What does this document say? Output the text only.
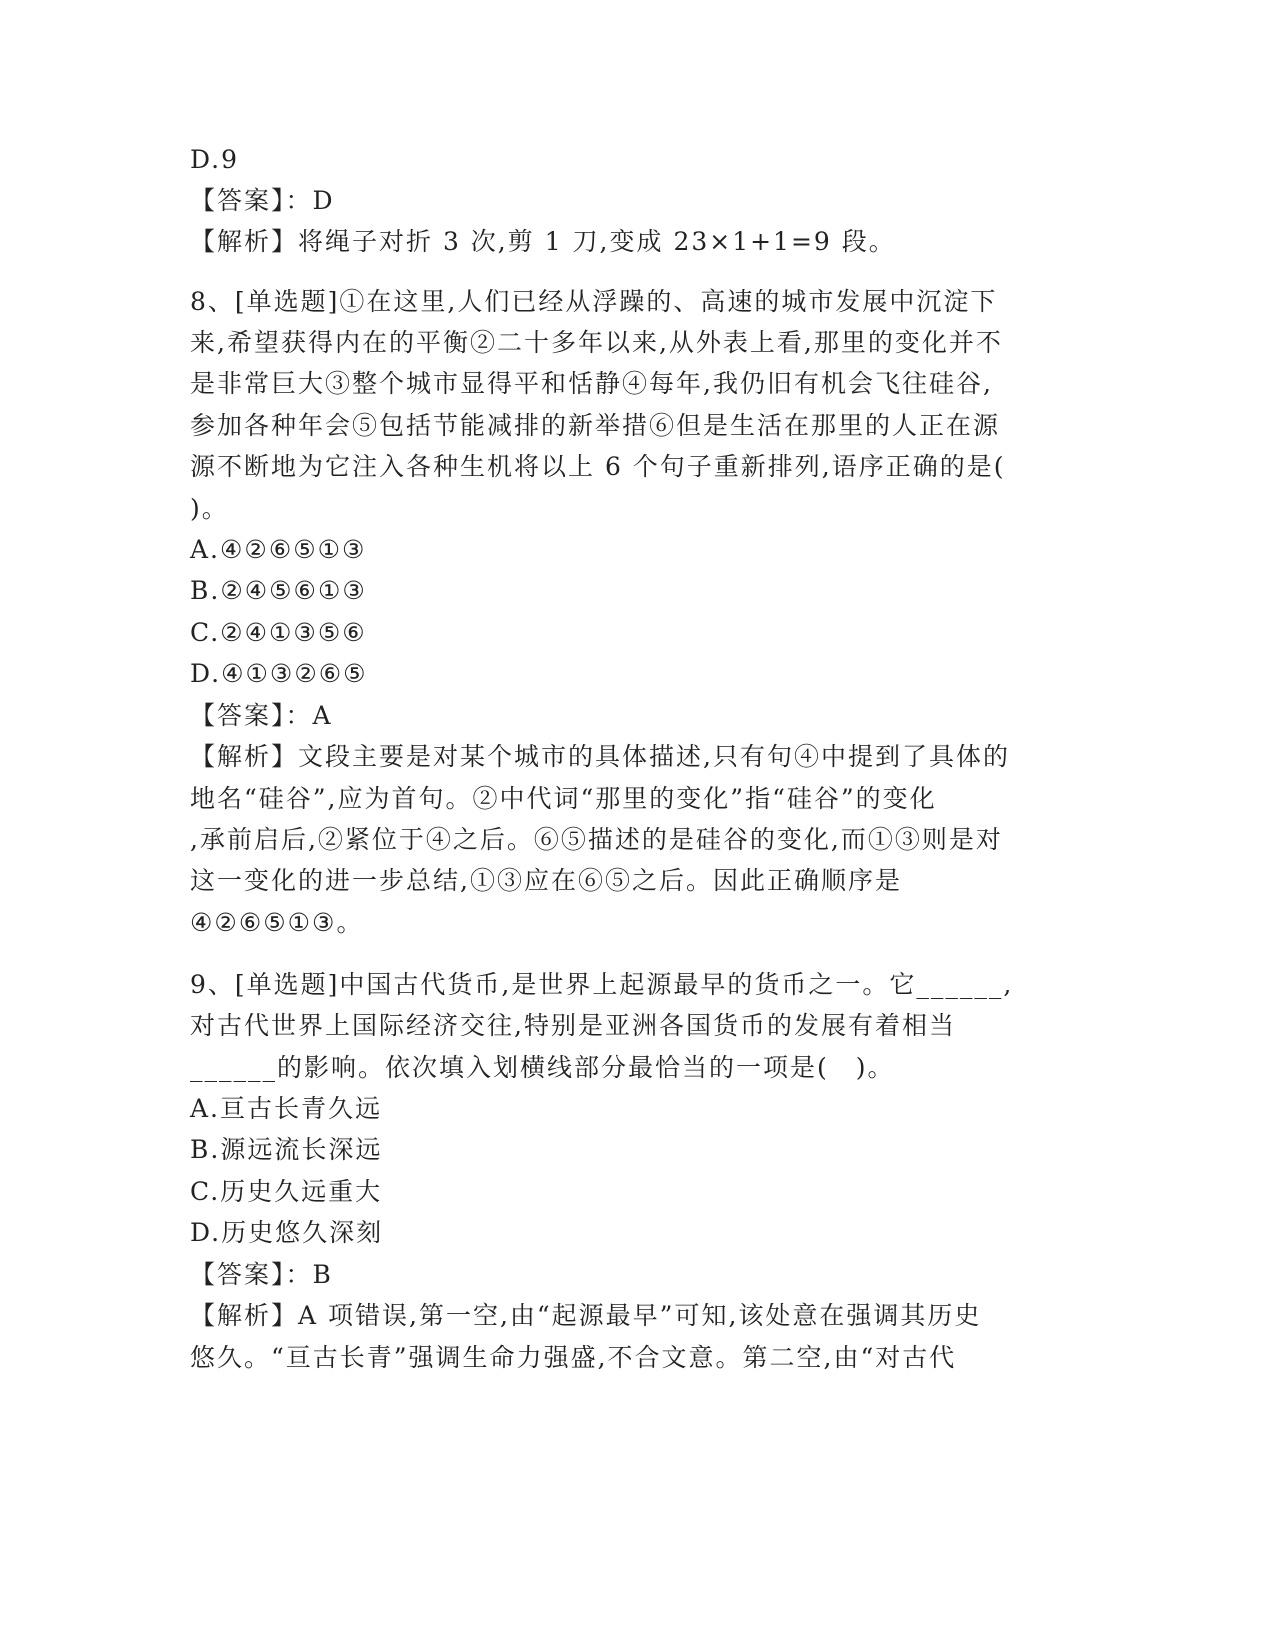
D.9
【答案】：D
【解析】将绳子对折 3 次,剪 1 刀,变成 23×1+1=9 段。
8、[单选题]①在这里,人们已经从浮躁的、高速的城市发展中沉淀下
来,希望获得内在的平衡②二十多年以来,从外表上看,那里的变化并不
是非常巨大③整个城市显得平和恬静④每年,我仍旧有机会飞往硅谷,
参加各种年会⑤包括节能减排的新举措⑥但是生活在那里的人正在源
源不断地为它注入各种生机将以上 6 个句子重新排列,语序正确的是(
)。
A.④②⑥⑤①③
B.②④⑤⑥①③
C.②④①③⑤⑥
D.④①③②⑥⑤
【答案】：A
【解析】文段主要是对某个城市的具体描述,只有句④中提到了具体的
地名“硅谷”,应为首句。②中代词“那里的变化”指“硅谷”的变化
,承前启后,②紧位于④之后。⑥⑤描述的是硅谷的变化,而①③则是对
这一变化的进一步总结,①③应在⑥⑤之后。因此正确顺序是
④②⑥⑤①③。
9、[单选题]中国古代货币,是世界上起源最早的货币之一。它______,
对古代世界上国际经济交往,特别是亚洲各国货币的发展有着相当
______的影响。依次填入划横线部分最恰当的一项是(　)。
A.亘古长青久远
B.源远流长深远
C.历史久远重大
D.历史悠久深刻
【答案】：B
【解析】A 项错误,第一空,由“起源最早”可知,该处意在强调其历史
悠久。“亘古长青”强调生命力强盛,不合文意。第二空,由“对古代
